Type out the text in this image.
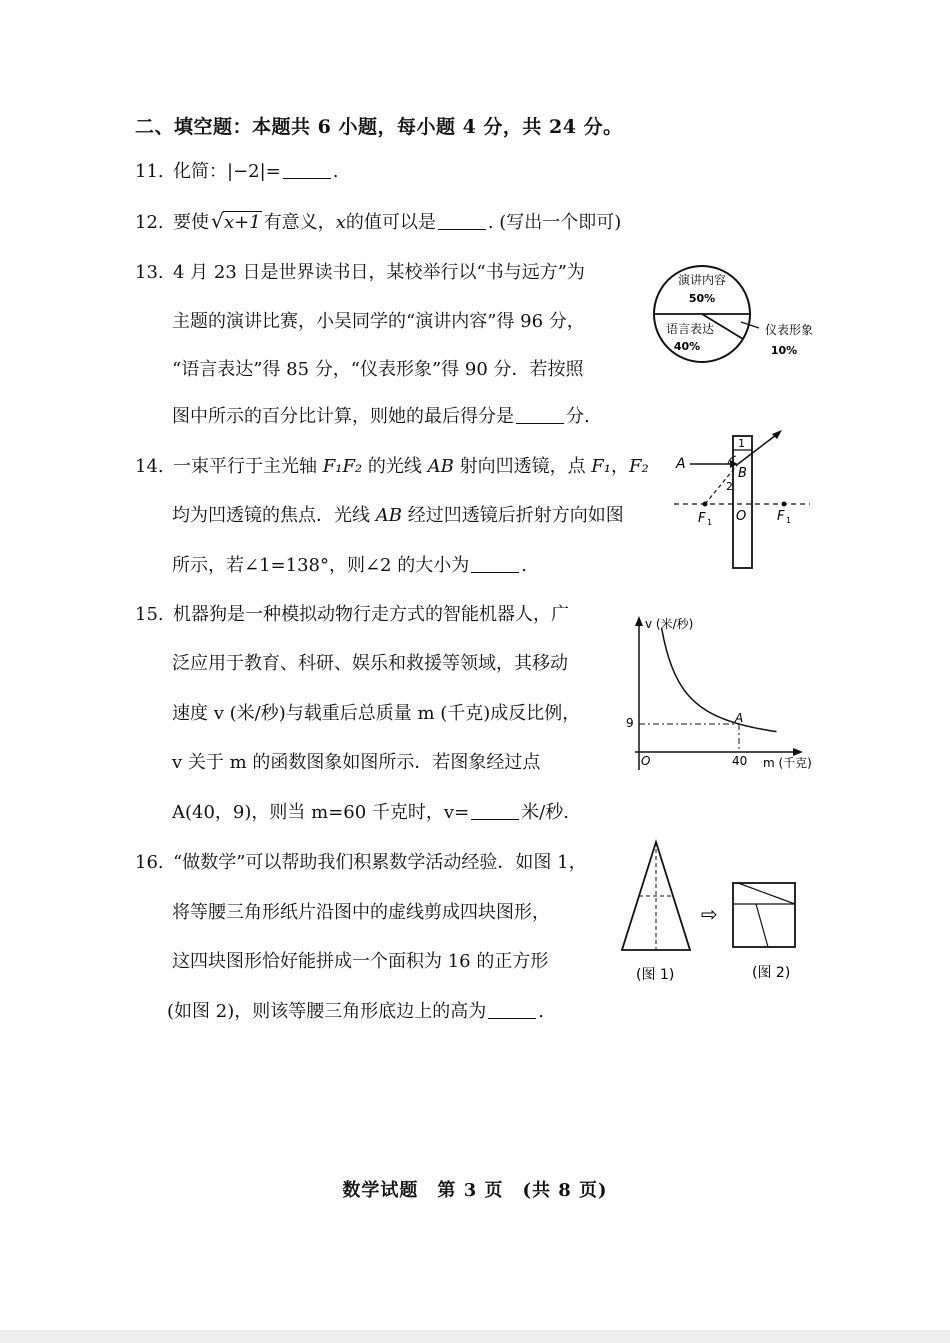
二、填空题：本题共 6 小题，每小题 4 分，共 24 分。
11. 化简：|−2|=	.
12. 要使 √ x+1 有意义，x的值可以是	. (写出一个即可)
13. 4 月 23 日是世界读书日，某校举行以“书与远方”为
主题的演讲比赛，小吴同学的“演讲内容”得 96 分，
“语言表达”得 85 分，“仪表形象”得 90 分．若按照
图中所示的百分比计算，则她的最后得分是	分.
演讲内容
50%
语言表达
40%
仪表形象
10%
14. 一束平行于主光轴 F₁F₂ 的光线 AB 射向凹透镜，点 F₁，F₂
均为凹透镜的焦点．光线 AB 经过凹透镜后折射方向如图
所示，若∠1=138°，则∠2 的大小为	.
A
B
O
1
2
F 1	F 1
15. 机器狗是一种模拟动物行走方式的智能机器人，广
泛应用于教育、科研、娱乐和救援等领域，其移动
速度 v (米/秒)与载重后总质量 m (千克)成反比例，
v 关于 m 的函数图象如图所示．若图象经过点
A(40，9)，则当 m=60 千克时，v=	米/秒.
v (米/秒)
m (千克)
O
9
40
A
16. “做数学”可以帮助我们积累数学活动经验．如图 1，
将等腰三角形纸片沿图中的虚线剪成四块图形，
这四块图形恰好能拼成一个面积为 16 的正方形
(如图 2)，则该等腰三角形底边上的高为	.
⇨
(图 1)	(图 2)
数学试题　第 3 页　(共 8 页)
